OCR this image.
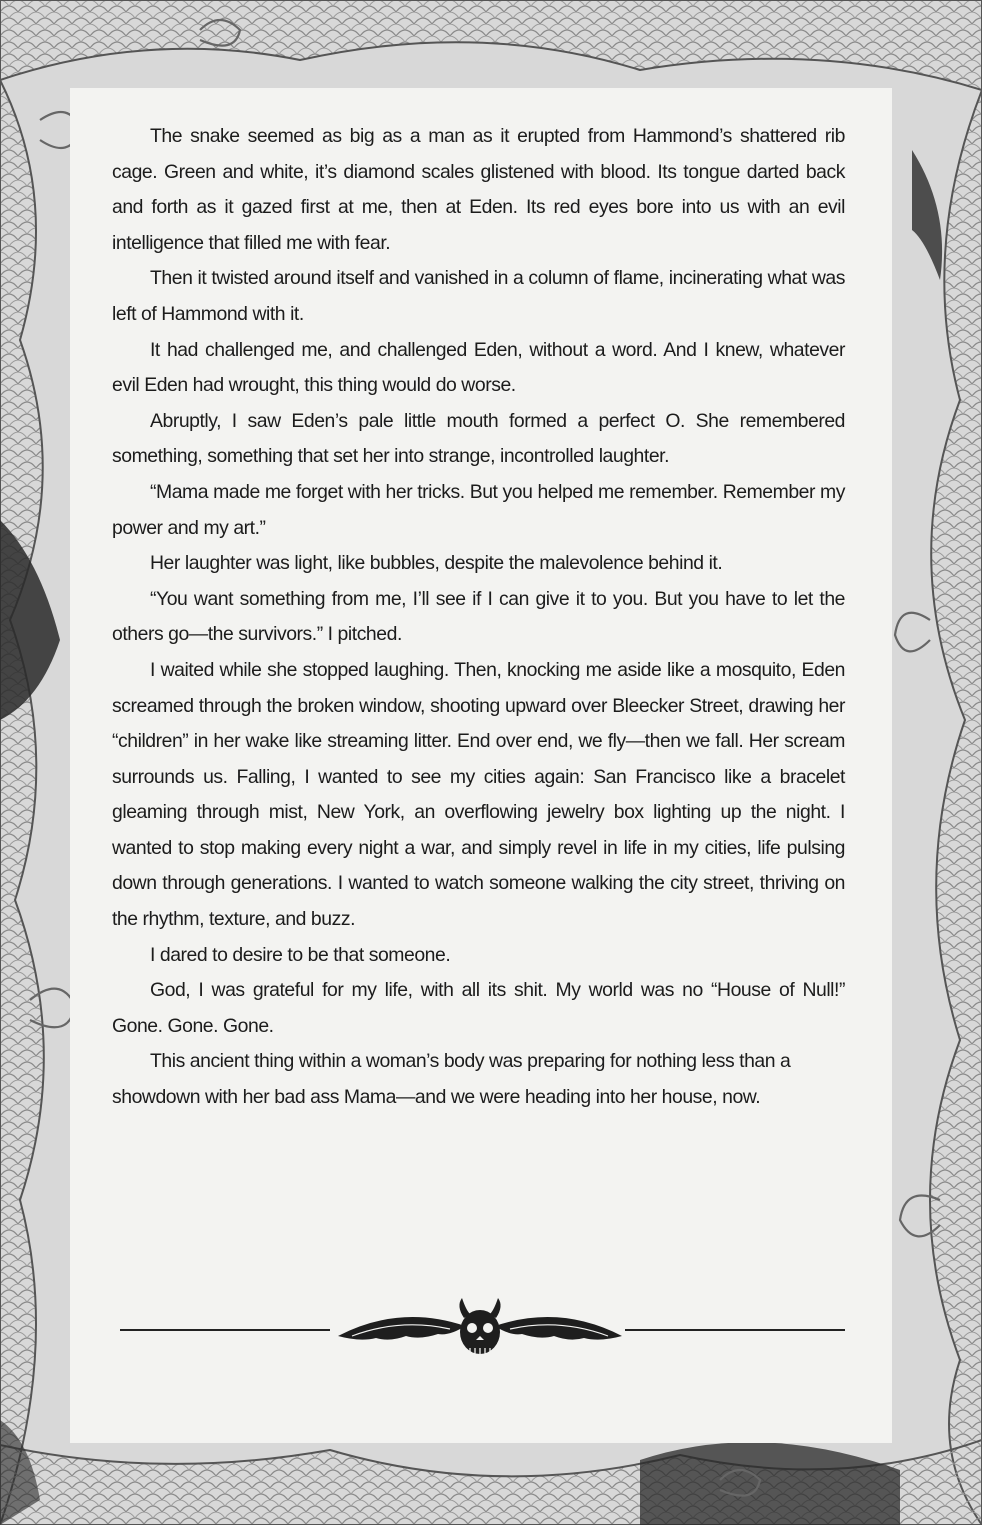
The snake seemed as big as a man as it erupted from Hammond’s shattered rib cage. Green and white, it’s diamond scales glistened with blood. Its tongue darted back and forth as it gazed first at me, then at Eden. Its red eyes bore into us with an evil intelligence that filled me with fear.

Then it twisted around itself and vanished in a column of flame, incinerating what was left of Hammond with it.

It had challenged me, and challenged Eden, without a word. And I knew, whatever evil Eden had wrought, this thing would do worse.

Abruptly, I saw Eden’s pale little mouth formed a perfect O. She remembered something, something that set her into strange, incontrolled laughter.

“Mama made me forget with her tricks. But you helped me remember. Remember my power and my art.”

Her laughter was light, like bubbles, despite the malevolence behind it.

“You want something from me, I’ll see if I can give it to you. But you have to let the others go—the survivors.” I pitched.

I waited while she stopped laughing. Then, knocking me aside like a mosquito, Eden screamed through the broken window, shooting upward over Bleecker Street, drawing her “children” in her wake like streaming litter. End over end, we fly—then we fall. Her scream surrounds us. Falling, I wanted to see my cities again: San Francisco like a bracelet gleaming through mist, New York, an overflowing jewelry box lighting up the night. I wanted to stop making every night a war, and simply revel in life in my cities, life pulsing down through generations. I wanted to watch someone walking the city street, thriving on the rhythm, texture, and buzz.

I dared to desire to be that someone.

God, I was grateful for my life, with all its shit. My world was no “House of Null!” Gone. Gone. Gone.

This ancient thing within a woman’s body was preparing for nothing less than a showdown with her bad ass Mama—and we were heading into her house, now.
